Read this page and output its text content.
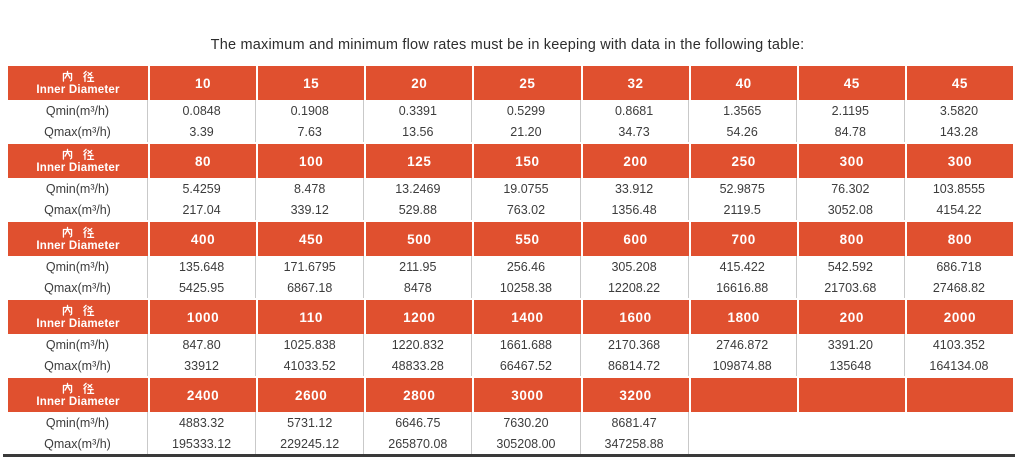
The maximum and minimum flow rates must be in keeping with data in the following table:
Inner Diameter	10	15	20	25	32	40	45	45
Qmin(m³/h)	0.0848	0.1908	0.3391	0.5299	0.8681	1.3565	2.1195	3.5820
Qmax(m³/h)	3.39	7.63	13.56	21.20	34.73	54.26	84.78	143.28
Inner Diameter	80	100	125	150	200	250	300	300
Qmin(m³/h)	5.4259	8.478	13.2469	19.0755	33.912	52.9875	76.302	103.8555
Qmax(m³/h)	217.04	339.12	529.88	763.02	1356.48	2119.5	3052.08	4154.22
Inner Diameter	400	450	500	550	600	700	800	800
Qmin(m³/h)	135.648	171.6795	211.95	256.46	305.208	415.422	542.592	686.718
Qmax(m³/h)	5425.95	6867.18	8478	10258.38	12208.22	16616.88	21703.68	27468.82
Inner Diameter	1000	110	1200	1400	1600	1800	200	2000
Qmin(m³/h)	847.80	1025.838	1220.832	1661.688	2170.368	2746.872	3391.20	4103.352
Qmax(m³/h)	33912	41033.52	48833.28	66467.52	86814.72	109874.88	135648	164134.08
Inner Diameter	2400	2600	2800	3000	3200
Qmin(m³/h)	4883.32	5731.12	6646.75	7630.20	8681.47
Qmax(m³/h)	195333.12	229245.12	265870.08	305208.00	347258.88
